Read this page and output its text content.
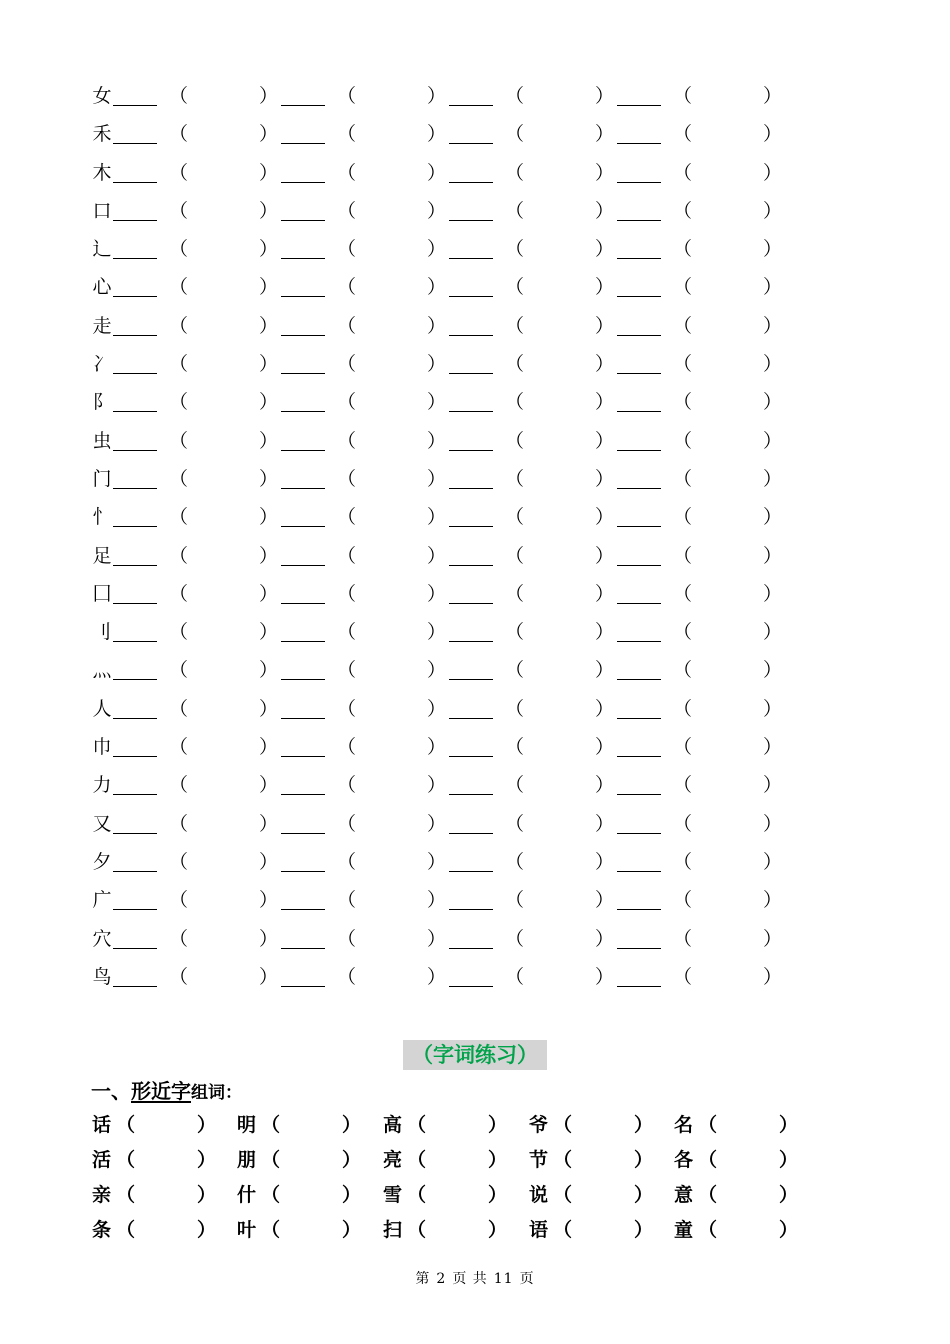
女	（	）	（	）	（	）	（	）
禾	（	）	（	）	（	）	（	）
木	（	）	（	）	（	）	（	）
口	（	）	（	）	（	）	（	）
辶	（	）	（	）	（	）	（	）
心	（	）	（	）	（	）	（	）
走	（	）	（	）	（	）	（	）
冫	（	）	（	）	（	）	（	）
阝	（	）	（	）	（	）	（	）
虫	（	）	（	）	（	）	（	）
门	（	）	（	）	（	）	（	）
忄	（	）	（	）	（	）	（	）
足	（	）	（	）	（	）	（	）
囗	（	）	（	）	（	）	（	）
刂	（	）	（	）	（	）	（	）
灬	（	）	（	）	（	）	（	）
人	（	）	（	）	（	）	（	）
巾	（	）	（	）	（	）	（	）
力	（	）	（	）	（	）	（	）
又	（	）	（	）	（	）	（	）
夕	（	）	（	）	（	）	（	）
广	（	）	（	）	（	）	（	）
穴	（	）	（	）	（	）	（	）
鸟	（	）	（	）	（	）	（	）
（字词练习）
一、形近字组词：
话 （	） 明 （	） 高 （	） 爷 （	） 名 （	）
活 （	） 朋 （	） 亮 （	） 节 （	） 各 （	）
亲 （	） 什 （	） 雪 （	） 说 （	） 意 （	）
条 （	） 叶 （	） 扫 （	） 语 （	） 童 （	）
第 2 页 共 11 页
